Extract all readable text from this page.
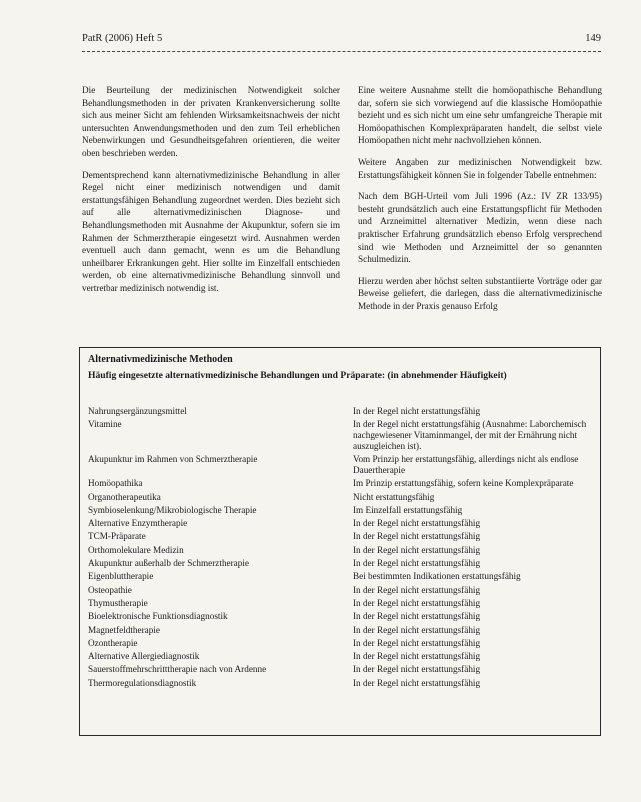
PatR (2006) Heft 5	149

Die Beurteilung der medizinischen Notwendigkeit solcher Behandlungsmethoden in der privaten Krankenversicherung sollte sich aus meiner Sicht am fehlenden Wirksamkeitsnachweis der nicht untersuchten Anwendungsmethoden und den zum Teil erheblichen Nebenwirkungen und Gesundheitsgefahren orientieren, die weiter oben beschrieben werden.

Dementsprechend kann alternativmedizinische Behandlung in aller Regel nicht einer medizinisch notwendigen und damit erstattungsfähigen Behandlung zugeordnet werden. Dies bezieht sich auf alle alternativmedizinischen Diagnose- und Behandlungsmethoden mit Ausnahme der Akupunktur, sofern sie im Rahmen der Schmerztherapie eingesetzt wird. Ausnahmen werden eventuell auch dann gemacht, wenn es um die Behandlung unheilbarer Erkrankungen geht. Hier sollte im Einzelfall entschieden werden, ob eine alternativmedizinische Behandlung sinnvoll und vertretbar medizinisch notwendig ist.

Eine weitere Ausnahme stellt die homöopathische Behandlung dar, sofern sie sich vorwiegend auf die klassische Homöopathie bezieht und es sich nicht um eine sehr umfangreiche Therapie mit Homöopathischen Komplexpräparaten handelt, die selbst viele Homöopathen nicht mehr nachvollziehen können.

Weitere Angaben zur medizinischen Notwendigkeit bzw. Erstattungsfähigkeit können Sie in folgender Tabelle entnehmen:

Nach dem BGH-Urteil vom Juli 1996 (Az.: IV ZR 133/95) besteht grundsätzlich auch eine Erstattungspflicht für Methoden und Arzneimittel alternativer Medizin, wenn diese nach praktischer Erfahrung grundsätzlich ebenso Erfolg versprechend sind wie Methoden und Arzneimittel der so genannten Schulmedizin.

Hierzu werden aber höchst selten substantiierte Vorträge oder gar Beweise geliefert, die darlegen, dass die alternativmedizinische Methode in der Praxis genauso Erfolg

Alternativmedizinische Methoden
Häufig eingesetzte alternativmedizinische Behandlungen und Präparate: (in abnehmender Häufigkeit)
Nahrungsergänzungsmittel	In der Regel nicht erstattungsfähig
Vitamine	In der Regel nicht erstattungsfähig (Ausnahme: Laborchemisch nachgewiesener Vitaminmangel, der mit der Ernährung nicht auszugleichen ist).
Akupunktur im Rahmen von Schmerztherapie	Vom Prinzip her erstattungsfähig, allerdings nicht als endlose Dauertherapie
Homöopathika	Im Prinzip erstattungsfähig, sofern keine Komplexpräparate
Organotherapeutika	Nicht erstattungsfähig
Symbioselenkung/Mikrobiologische Therapie	Im Einzelfall erstattungsfähig
Alternative Enzymtherapie	In der Regel nicht erstattungsfähig
TCM-Präparate	In der Regel nicht erstattungsfähig
Orthomolekulare Medizin	In der Regel nicht erstattungsfähig
Akupunktur außerhalb der Schmerztherapie	In der Regel nicht erstattungsfähig
Eigenbluttherapie	Bei bestimmten Indikationen erstattungsfähig
Osteopathie	In der Regel nicht erstattungsfähig
Thymustherapie	In der Regel nicht erstattungsfähig
Bioelektronische Funktionsdiagnostik	In der Regel nicht erstattungsfähig
Magnetfeldtherapie	In der Regel nicht erstattungsfähig
Ozontherapie	In der Regel nicht erstattungsfähig
Alternative Allergiediagnostik	In der Regel nicht erstattungsfähig
Sauerstoffmehrschritttherapie nach von Ardenne	In der Regel nicht erstattungsfähig
Thermoregulationsdiagnostik	In der Regel nicht erstattungsfähig
